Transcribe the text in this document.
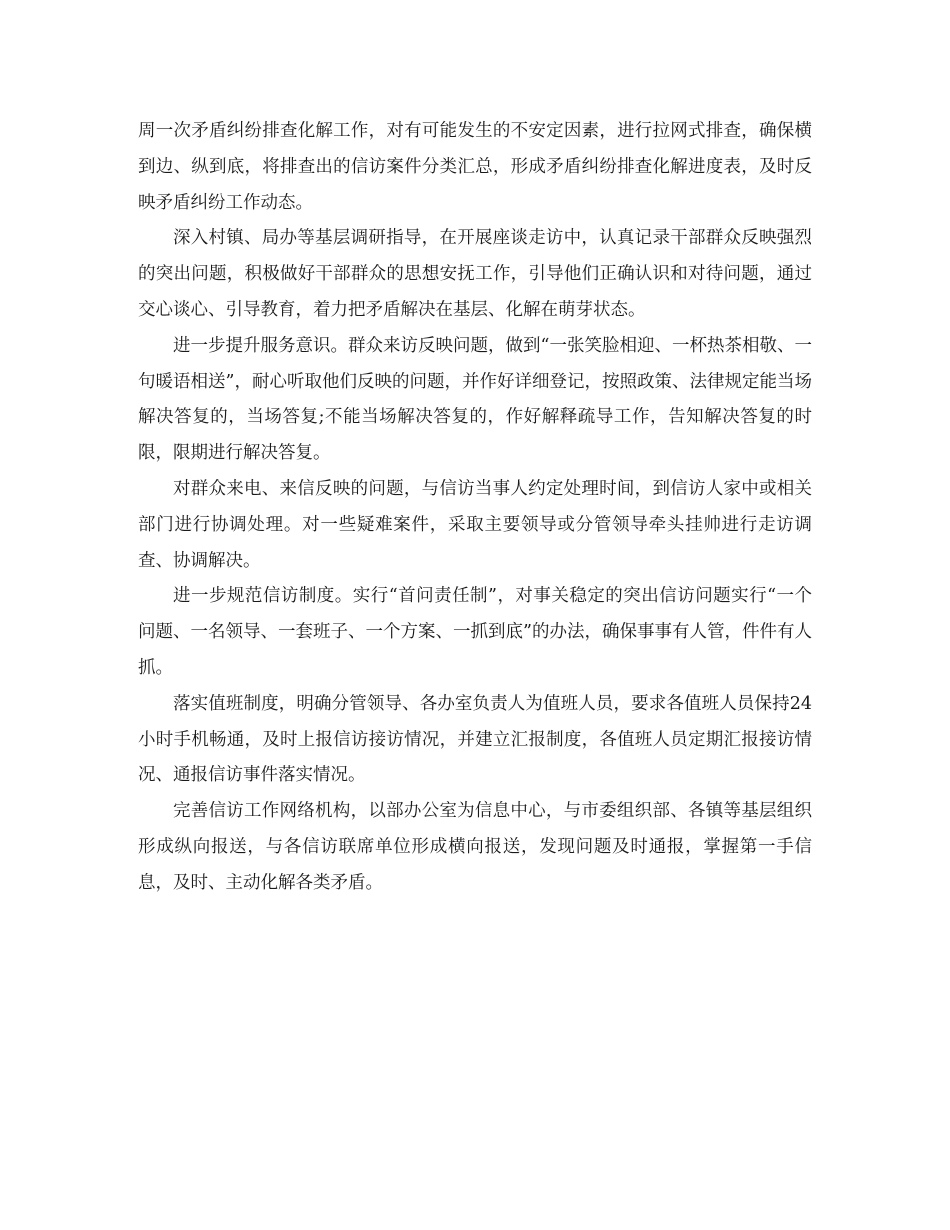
周一次矛盾纠纷排查化解工作，对有可能发生的不安定因素，进行拉网式排查，确保横到边、纵到底，将排查出的信访案件分类汇总，形成矛盾纠纷排查化解进度表，及时反映矛盾纠纷工作动态。

深入村镇、局办等基层调研指导，在开展座谈走访中，认真记录干部群众反映强烈的突出问题，积极做好干部群众的思想安抚工作，引导他们正确认识和对待问题，通过交心谈心、引导教育，着力把矛盾解决在基层、化解在萌芽状态。

进一步提升服务意识。群众来访反映问题，做到“一张笑脸相迎、一杯热茶相敬、一句暖语相送”，耐心听取他们反映的问题，并作好详细登记，按照政策、法律规定能当场解决答复的，当场答复;不能当场解决答复的，作好解释疏导工作，告知解决答复的时限，限期进行解决答复。

对群众来电、来信反映的问题，与信访当事人约定处理时间，到信访人家中或相关部门进行协调处理。对一些疑难案件，采取主要领导或分管领导牵头挂帅进行走访调查、协调解决。

进一步规范信访制度。实行“首问责任制”，对事关稳定的突出信访问题实行“一个问题、一名领导、一套班子、一个方案、一抓到底”的办法，确保事事有人管，件件有人抓。

落实值班制度，明确分管领导、各办室负责人为值班人员，要求各值班人员保持24小时手机畅通，及时上报信访接访情况，并建立汇报制度，各值班人员定期汇报接访情况、通报信访事件落实情况。

完善信访工作网络机构，以部办公室为信息中心，与市委组织部、各镇等基层组织形成纵向报送，与各信访联席单位形成横向报送，发现问题及时通报，掌握第一手信息，及时、主动化解各类矛盾。
